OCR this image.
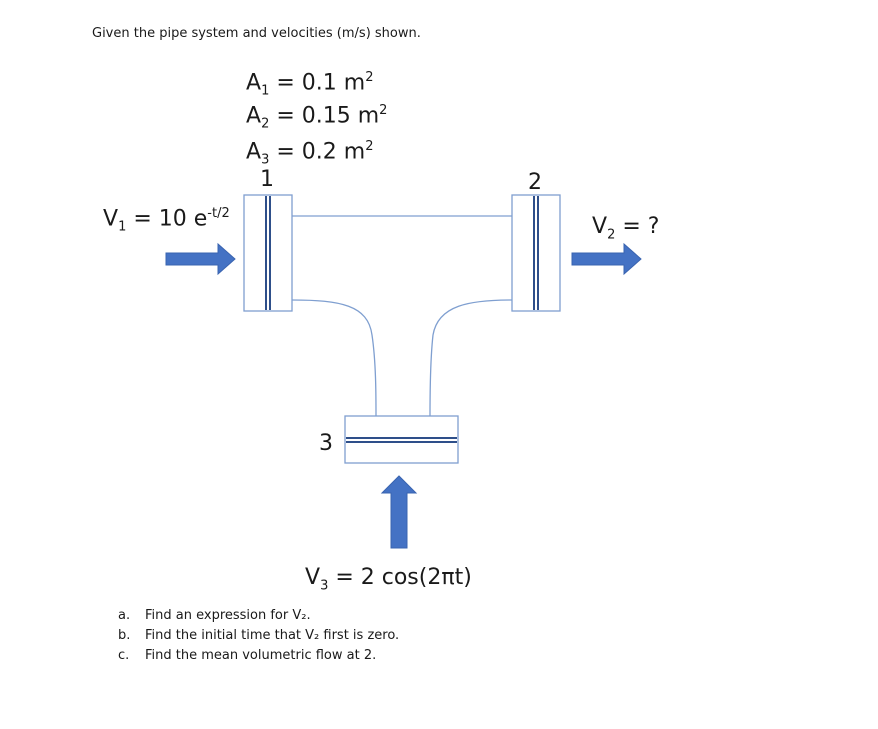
Given the pipe system and velocities (m/s) shown.
$A_1 = 0.1$ $m^2$
$A_2 = 0.15$ $m^2$
$A_3 = 0.2$ $m^2$
1	2
3
$V_1 = 10$ $e^{-t/2}$
$V_2$ = ?
$V_3 = 2$ cos(2πt)
a. Find an expression for V₂.
b. Find the initial time that V₂ first is zero.
c. Find the mean volumetric flow at 2.
